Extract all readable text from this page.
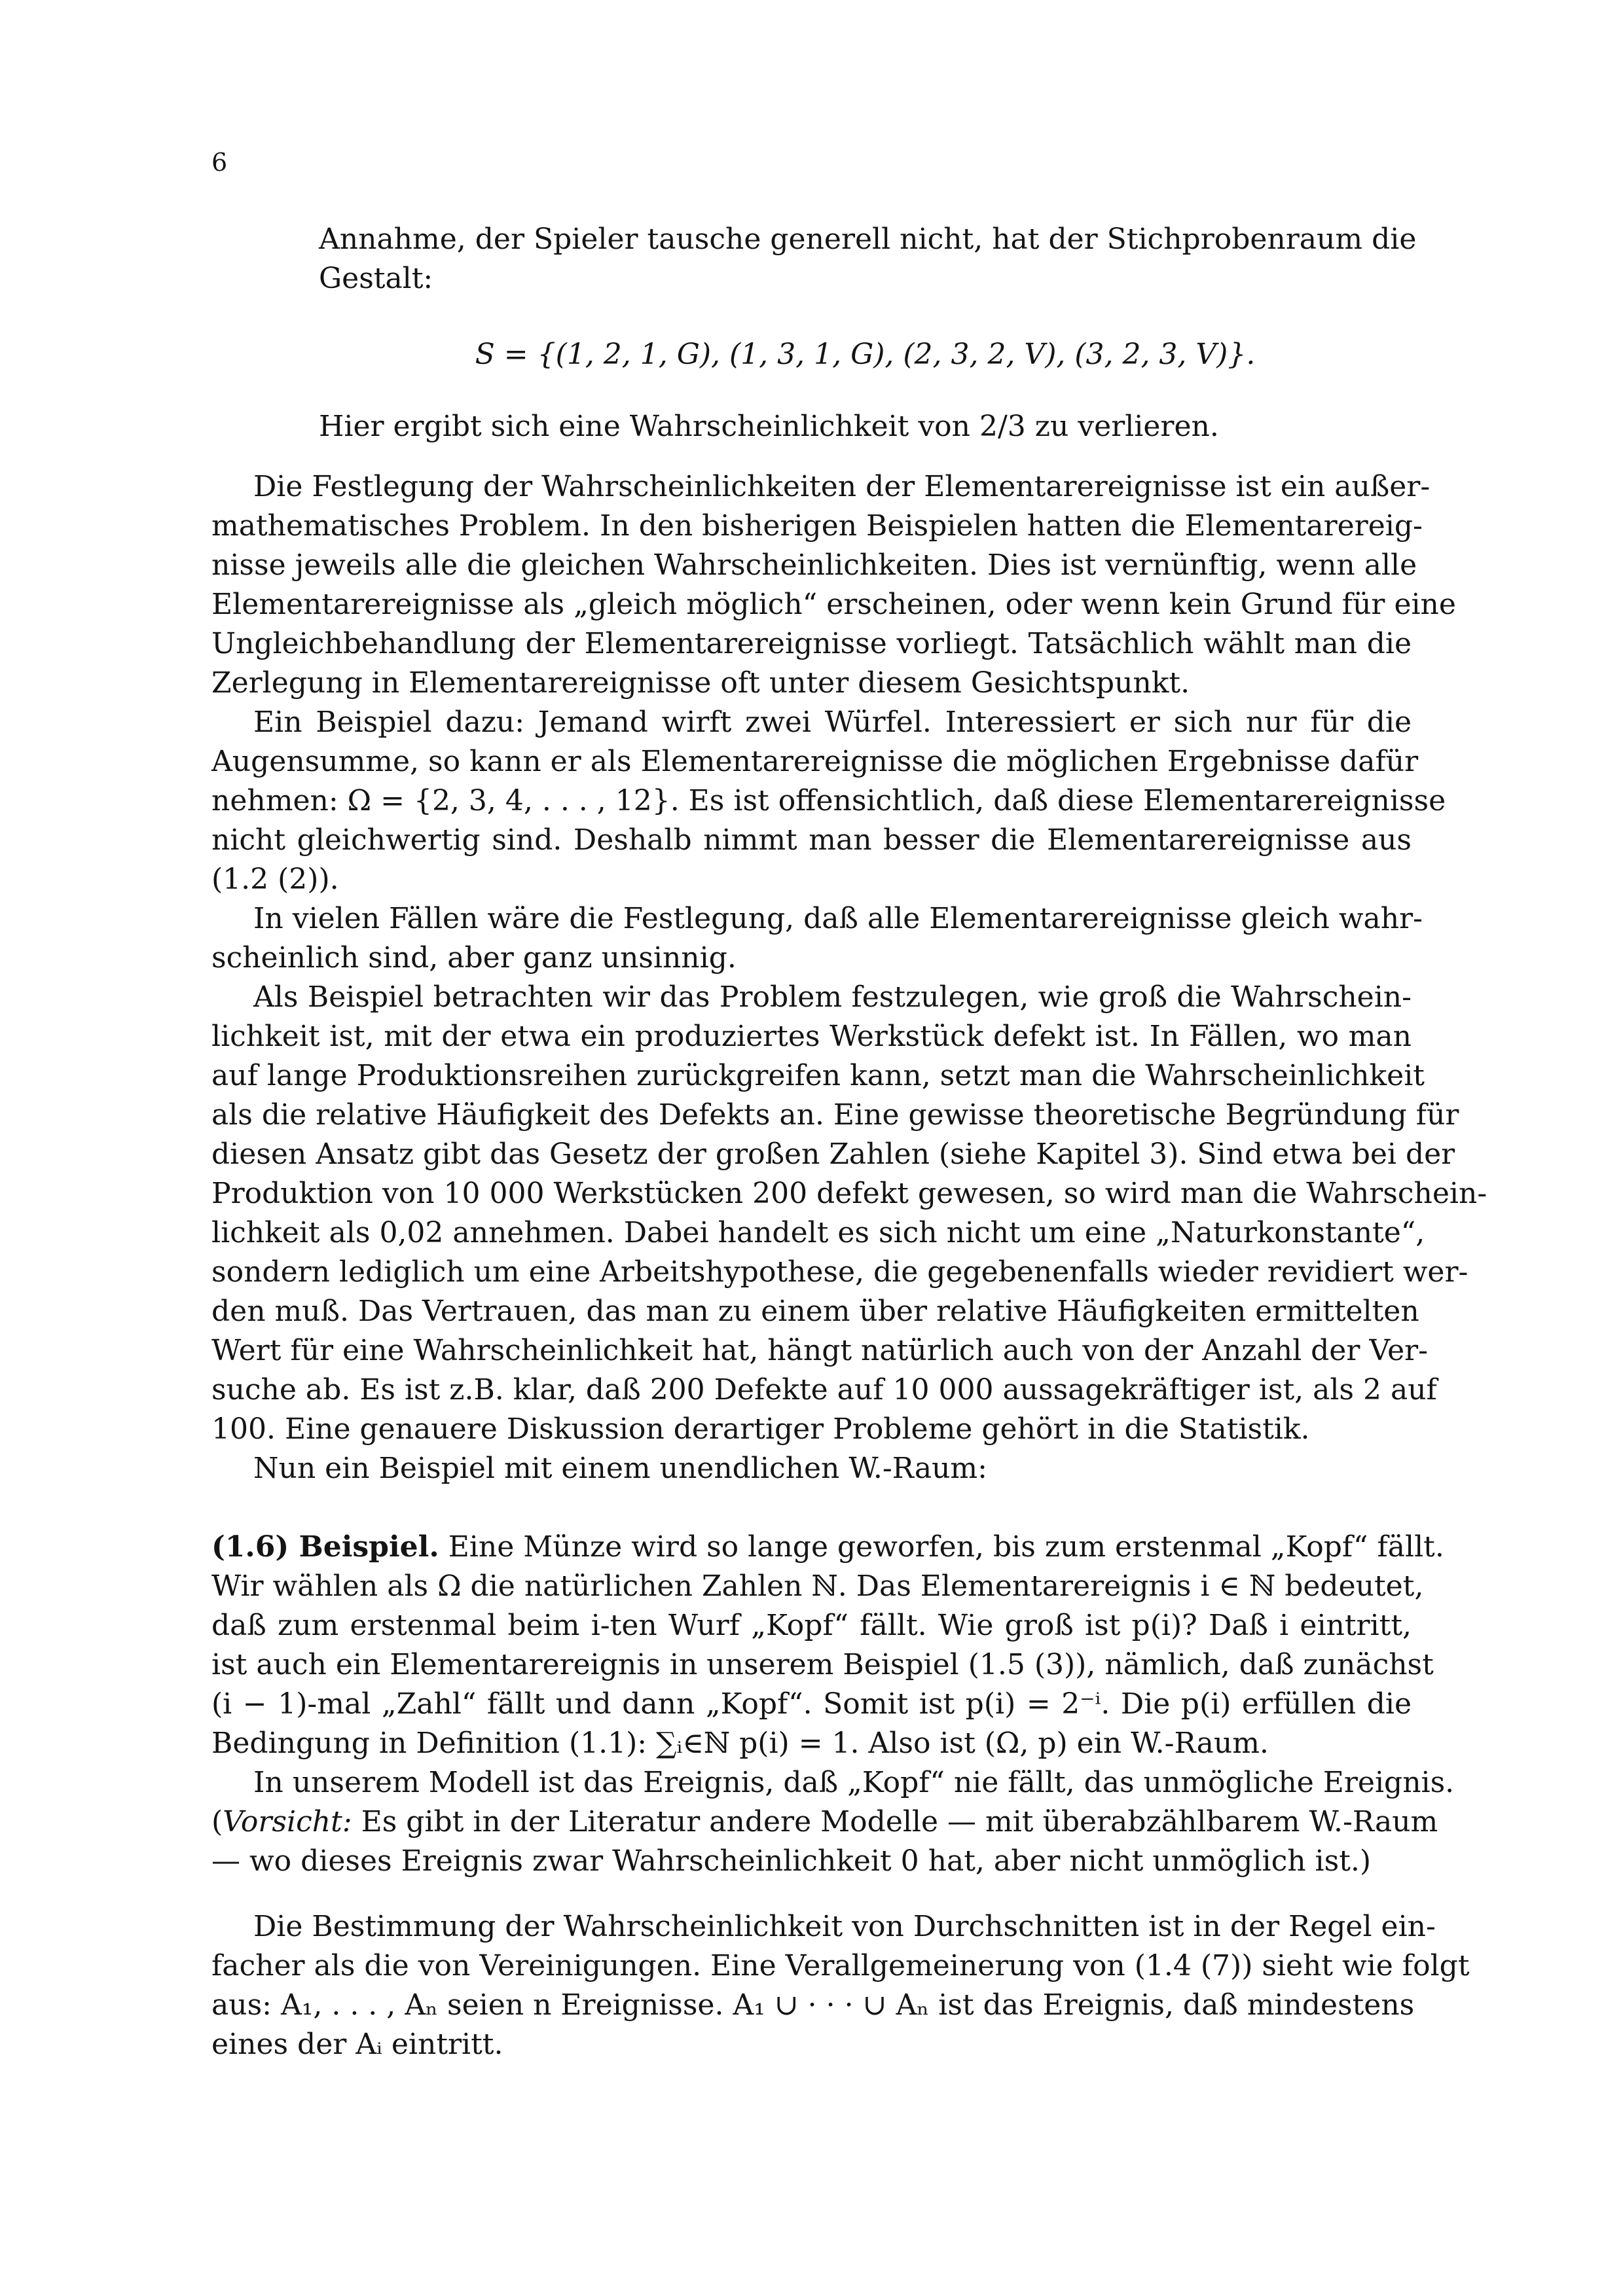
6
Annahme, der Spieler tausche generell nicht, hat der Stichprobenraum die
Gestalt:
S = {(1, 2, 1, G), (1, 3, 1, G), (2, 3, 2, V), (3, 2, 3, V)}.
Hier ergibt sich eine Wahrscheinlichkeit von 2/3 zu verlieren.
Die Festlegung der Wahrscheinlichkeiten der Elementarereignisse ist ein außer-
mathematisches Problem. In den bisherigen Beispielen hatten die Elementarereig-
nisse jeweils alle die gleichen Wahrscheinlichkeiten. Dies ist vernünftig, wenn alle
Elementarereignisse als „gleich möglich“ erscheinen, oder wenn kein Grund für eine
Ungleichbehandlung der Elementarereignisse vorliegt. Tatsächlich wählt man die
Zerlegung in Elementarereignisse oft unter diesem Gesichtspunkt.
Ein Beispiel dazu: Jemand wirft zwei Würfel. Interessiert er sich nur für die
Augensumme, so kann er als Elementarereignisse die möglichen Ergebnisse dafür
nehmen: Ω = {2, 3, 4, . . . , 12}. Es ist offensichtlich, daß diese Elementarereignisse
nicht gleichwertig sind. Deshalb nimmt man besser die Elementarereignisse aus
(1.2 (2)).
In vielen Fällen wäre die Festlegung, daß alle Elementarereignisse gleich wahr-
scheinlich sind, aber ganz unsinnig.
Als Beispiel betrachten wir das Problem festzulegen, wie groß die Wahrschein-
lichkeit ist, mit der etwa ein produziertes Werkstück defekt ist. In Fällen, wo man
auf lange Produktionsreihen zurückgreifen kann, setzt man die Wahrscheinlichkeit
als die relative Häufigkeit des Defekts an. Eine gewisse theoretische Begründung für
diesen Ansatz gibt das Gesetz der großen Zahlen (siehe Kapitel 3). Sind etwa bei der
Produktion von 10 000 Werkstücken 200 defekt gewesen, so wird man die Wahrschein-
lichkeit als 0,02 annehmen. Dabei handelt es sich nicht um eine „Naturkonstante“,
sondern lediglich um eine Arbeitshypothese, die gegebenenfalls wieder revidiert wer-
den muß. Das Vertrauen, das man zu einem über relative Häufigkeiten ermittelten
Wert für eine Wahrscheinlichkeit hat, hängt natürlich auch von der Anzahl der Ver-
suche ab. Es ist z.B. klar, daß 200 Defekte auf 10 000 aussagekräftiger ist, als 2 auf
100. Eine genauere Diskussion derartiger Probleme gehört in die Statistik.
Nun ein Beispiel mit einem unendlichen W.-Raum:
(1.6) Beispiel. Eine Münze wird so lange geworfen, bis zum erstenmal „Kopf“ fällt.
Wir wählen als Ω die natürlichen Zahlen ℕ. Das Elementarereignis i ∈ ℕ bedeutet,
daß zum erstenmal beim i-ten Wurf „Kopf“ fällt. Wie groß ist p(i)? Daß i eintritt,
ist auch ein Elementarereignis in unserem Beispiel (1.5 (3)), nämlich, daß zunächst
(i − 1)-mal „Zahl“ fällt und dann „Kopf“. Somit ist p(i) = 2⁻ⁱ. Die p(i) erfüllen die
Bedingung in Definition (1.1): ∑ᵢ∈ℕ p(i) = 1. Also ist (Ω, p) ein W.-Raum.
In unserem Modell ist das Ereignis, daß „Kopf“ nie fällt, das unmögliche Ereignis.
(Vorsicht: Es gibt in der Literatur andere Modelle — mit überabzählbarem W.-Raum
— wo dieses Ereignis zwar Wahrscheinlichkeit 0 hat, aber nicht unmöglich ist.)
Die Bestimmung der Wahrscheinlichkeit von Durchschnitten ist in der Regel ein-
facher als die von Vereinigungen. Eine Verallgemeinerung von (1.4 (7)) sieht wie folgt
aus: A₁, . . . , Aₙ seien n Ereignisse. A₁ ∪ · · · ∪ Aₙ ist das Ereignis, daß mindestens
eines der Aᵢ eintritt.
